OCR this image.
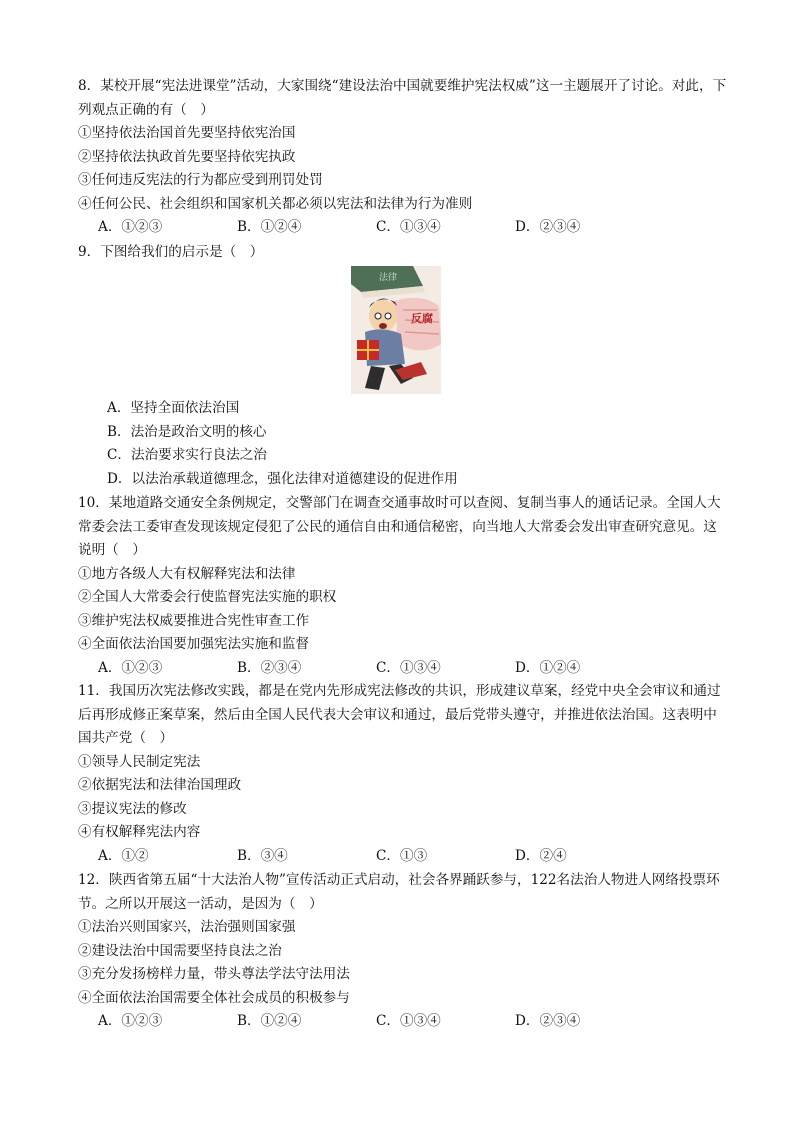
8．某校开展“宪法进课堂”活动，大家围绕“建设法治中国就要维护宪法权威”这一主题展开了讨论。对此，下列观点正确的有（　）

①坚持依法治国首先要坚持依宪治国

②坚持依法执政首先要坚持依宪执政

③任何违反宪法的行为都应受到刑罚处罚

④任何公民、社会组织和国家机关都必须以宪法和法律为行为准则

A．①②③	B．①②④	C．①③④	D．②③④

9．下图给我们的启示是（　）

法律
反腐

A．坚持全面依法治国

B．法治是政治文明的核心

C．法治要求实行良法之治

D．以法治承载道德理念，强化法律对道德建设的促进作用

10．某地道路交通安全条例规定，交警部门在调查交通事故时可以查阅、复制当事人的通话记录。全国人大常委会法工委审查发现该规定侵犯了公民的通信自由和通信秘密，向当地人大常委会发出审查研究意见。这说明（　）

①地方各级人大有权解释宪法和法律

②全国人大常委会行使监督宪法实施的职权

③维护宪法权威要推进合宪性审查工作

④全面依法治国要加强宪法实施和监督

A．①②③	B．②③④	C．①③④	D．①②④

11．我国历次宪法修改实践，都是在党内先形成宪法修改的共识，形成建议草案，经党中央全会审议和通过后再形成修正案草案，然后由全国人民代表大会审议和通过，最后党带头遵守，并推进依法治国。这表明中国共产党（　）

①领导人民制定宪法

②依据宪法和法律治国理政

③提议宪法的修改

④有权解释宪法内容

A．①②	B．③④	C．①③	D．②④

12．陕西省第五届“十大法治人物”宣传活动正式启动，社会各界踊跃参与，122名法治人物进人网络投票环节。之所以开展这一活动，是因为（　）

①法治兴则国家兴，法治强则国家强

②建设法治中国需要坚持良法之治

③充分发扬榜样力量，带头尊法学法守法用法

④全面依法治国需要全体社会成员的积极参与

A．①②③	B．①②④	C．①③④	D．②③④
